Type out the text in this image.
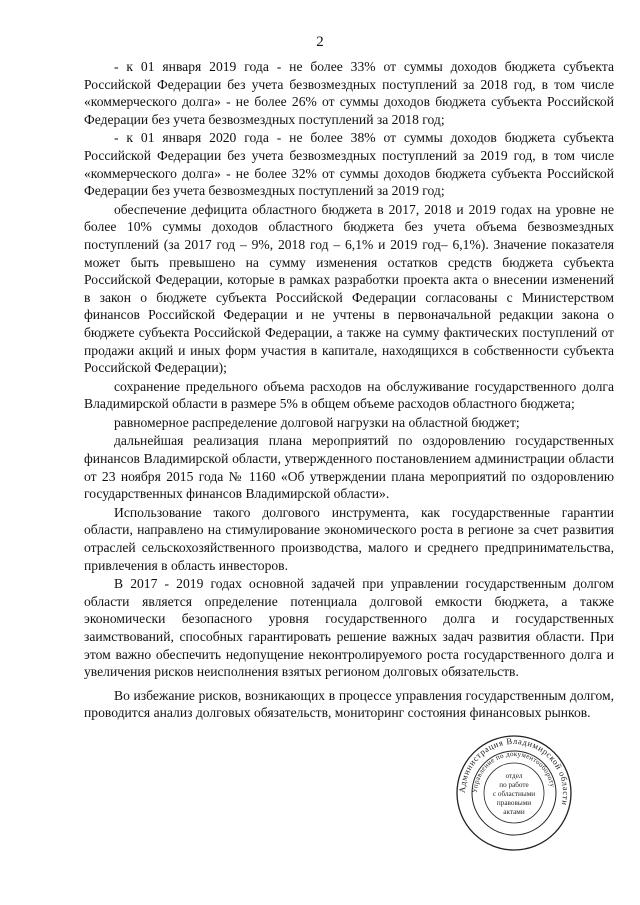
2

- к 01 января 2019 года - не более 33% от суммы доходов бюджета субъекта Российской Федерации без учета безвозмездных поступлений за 2018 год, в том числе «коммерческого долга» - не более 26% от суммы доходов бюджета субъекта Российской Федерации без учета безвозмездных поступлений за 2018 год;

- к 01 января 2020 года - не более 38% от суммы доходов бюджета субъекта Российской Федерации без учета безвозмездных поступлений за 2019 год, в том числе «коммерческого долга» - не более 32% от суммы доходов бюджета субъекта Российской Федерации без учета безвозмездных поступлений за 2019 год;

обеспечение дефицита областного бюджета в 2017, 2018 и 2019 годах на уровне не более 10% суммы доходов областного бюджета без учета объема безвозмездных поступлений (за 2017 год – 9%, 2018 год – 6,1% и 2019 год– 6,1%). Значение показателя может быть превышено на сумму изменения остатков средств бюджета субъекта Российской Федерации, которые в рамках разработки проекта акта о внесении изменений в закон о бюджете субъекта Российской Федерации согласованы с Министерством финансов Российской Федерации и не учтены в первоначальной редакции закона о бюджете субъекта Российской Федерации, а также на сумму фактических поступлений от продажи акций и иных форм участия в капитале, находящихся в собственности субъекта Российской Федерации);

сохранение предельного объема расходов на обслуживание государственного долга Владимирской области в размере 5% в общем объеме расходов областного бюджета;

равномерное распределение долговой нагрузки на областной бюджет;

дальнейшая реализация плана мероприятий по оздоровлению государственных финансов Владимирской области, утвержденного постановлением администрации области от 23 ноября 2015 года № 1160 «Об утверждении плана мероприятий по оздоровлению государственных финансов Владимирской области».

Использование такого долгового инструмента, как государственные гарантии области, направлено на стимулирование экономического роста в регионе за счет развития отраслей сельскохозяйственного производства, малого и среднего предпринимательства, привлечения в область инвесторов.

В 2017 - 2019 годах основной задачей при управлении государственным долгом области является определение потенциала долговой емкости бюджета, а также экономически безопасного уровня государственного долга и государственных заимствований, способных гарантировать решение важных задач развития области. При этом важно обеспечить недопущение неконтролируемого роста государственного долга и увеличения рисков неисполнения взятых регионом долговых обязательств.

Во избежание рисков, возникающих в процессе управления государственным долгом, проводится анализ долговых обязательств, мониторинг состояния финансовых рынков.

Администрация Владимирской области
Управление по документообороту
отдел
по работе
с областными
правовыми
актами
